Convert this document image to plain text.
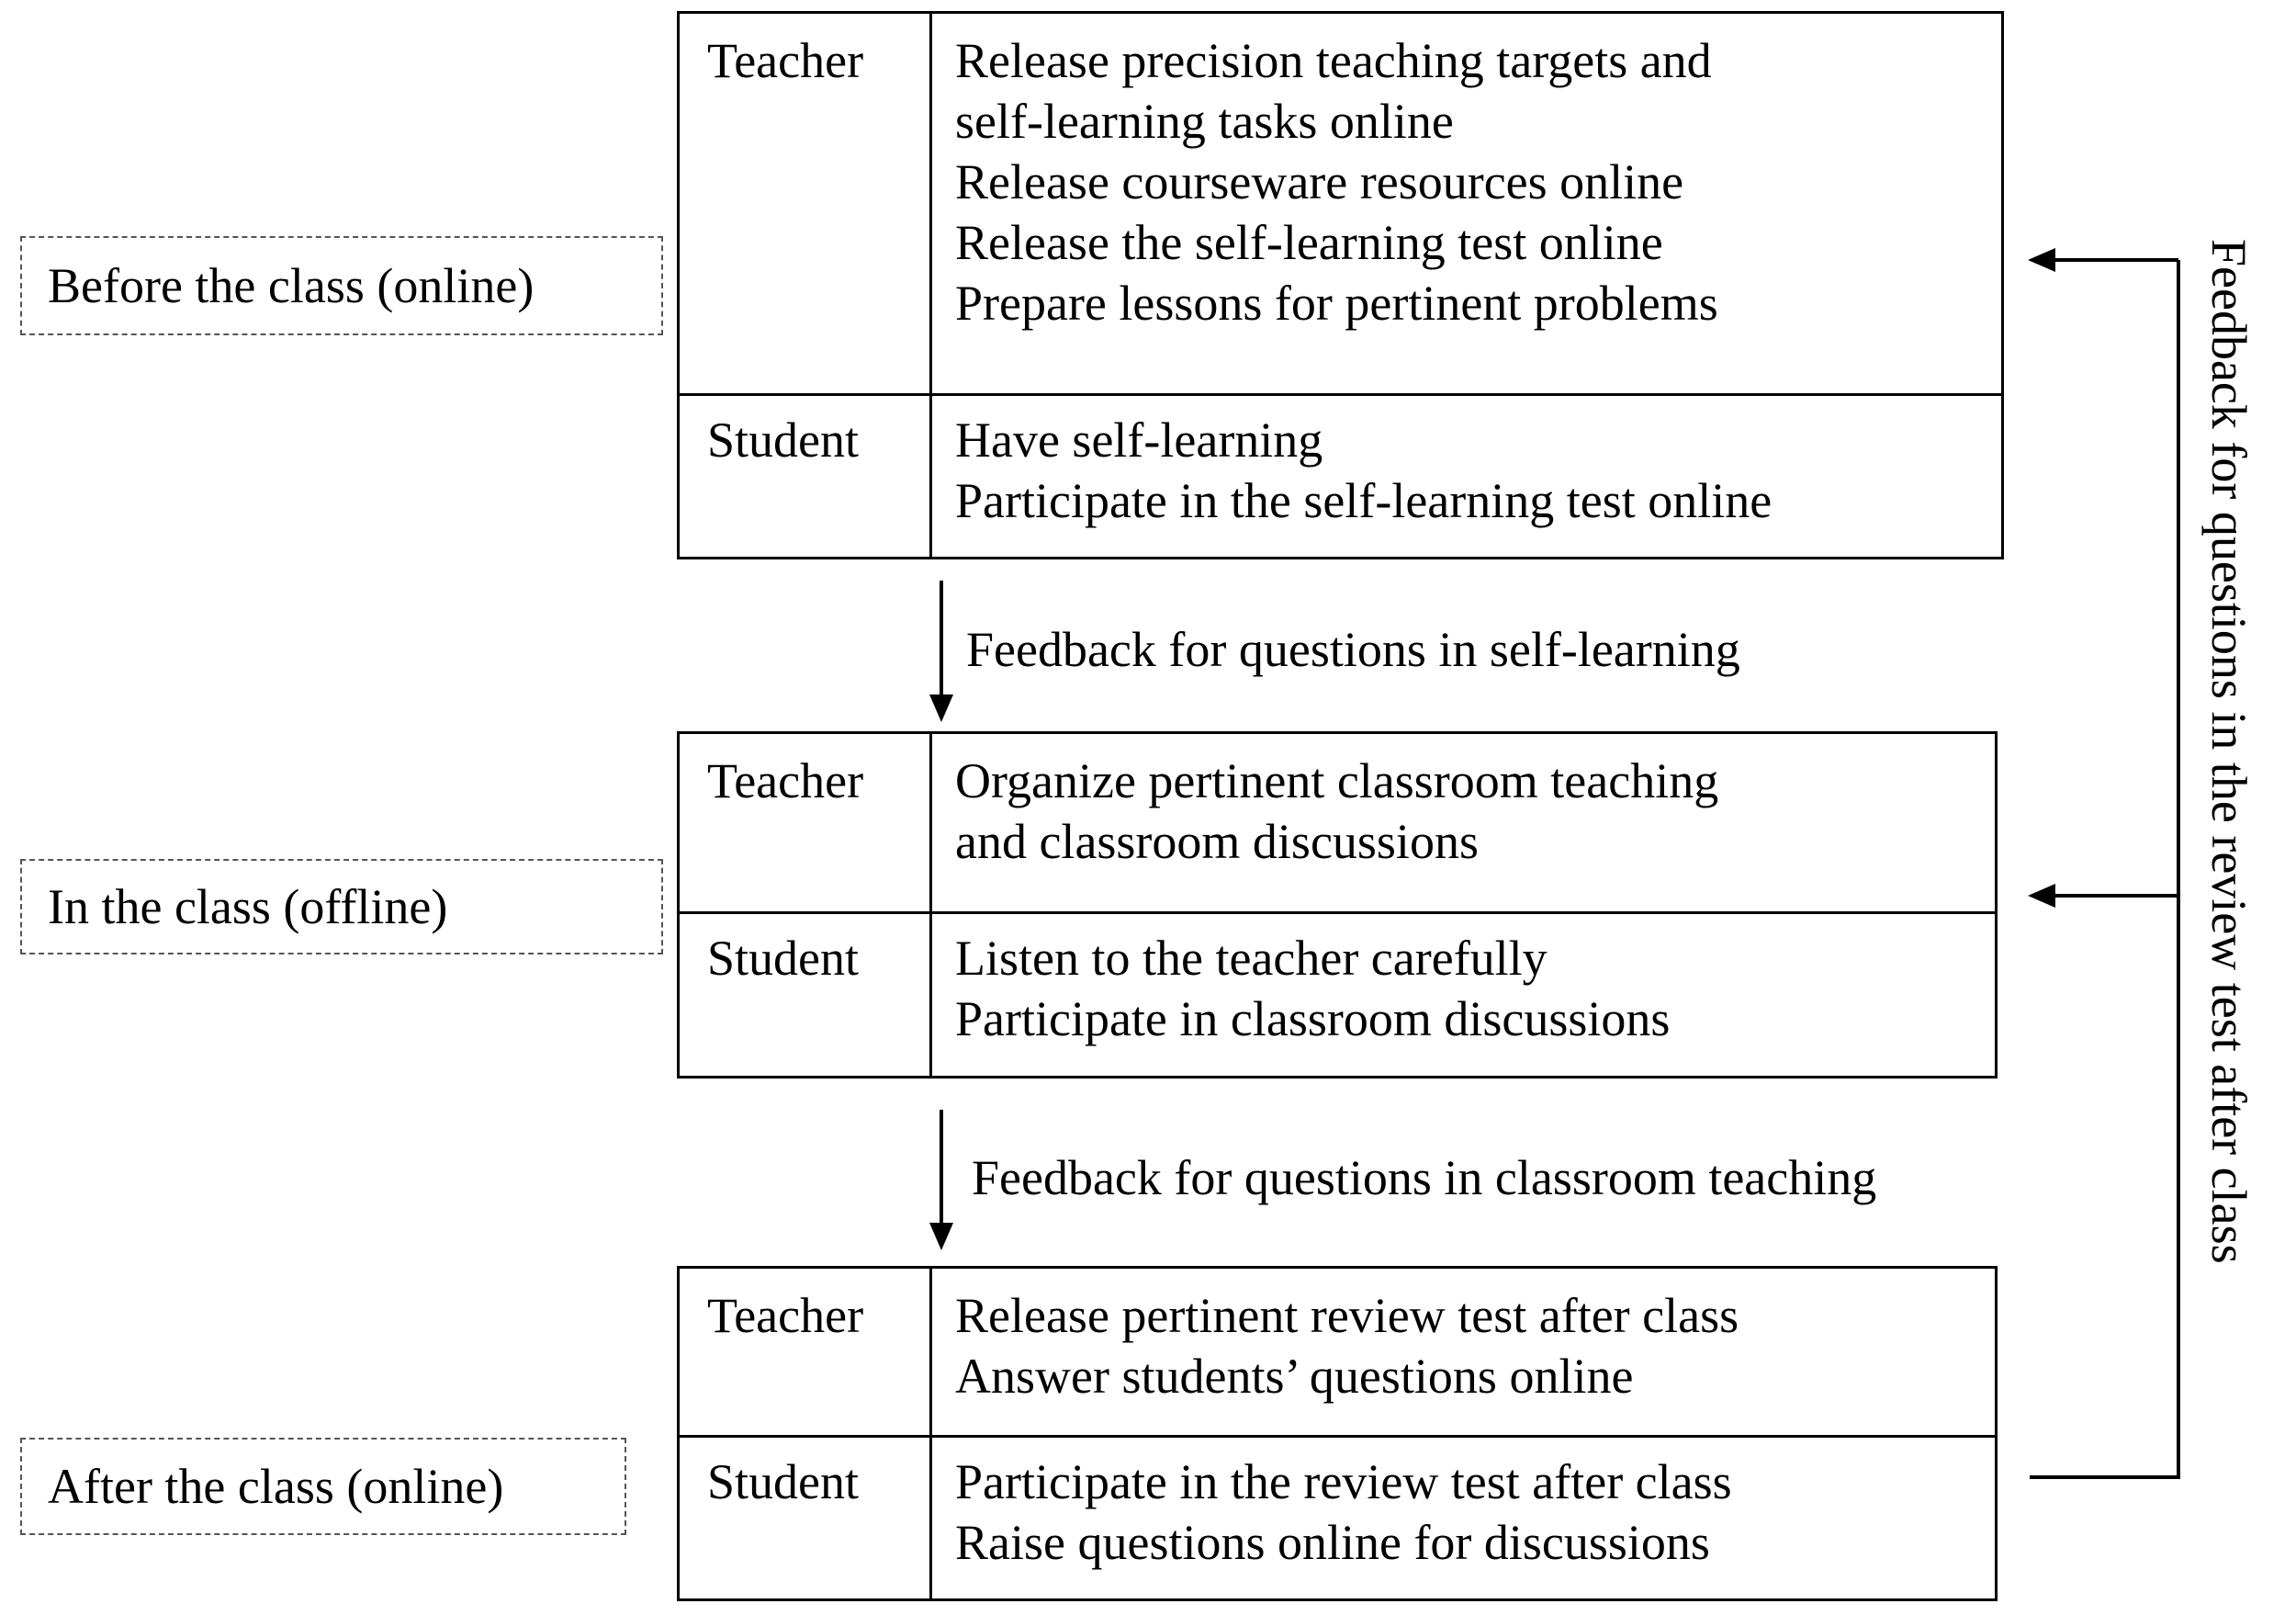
Before the class (online)
Teacher Release precision teaching targets and
self-learning tasks online
Release courseware resources online
Release the self-learning test online
Prepare lessons for pertinent problems
Student Have self-learning
Participate in the self-learning test online
Feedback for questions in self-learning
In the class (offline)
Teacher Organize pertinent classroom teaching
and classroom discussions
Student Listen to the teacher carefully
Participate in classroom discussions
Feedback for questions in classroom teaching
After the class (online)
Teacher Release pertinent review test after class
Answer students’ questions online
Student Participate in the review test after class
Raise questions online for discussions
Feedback for questions in the review test after class
